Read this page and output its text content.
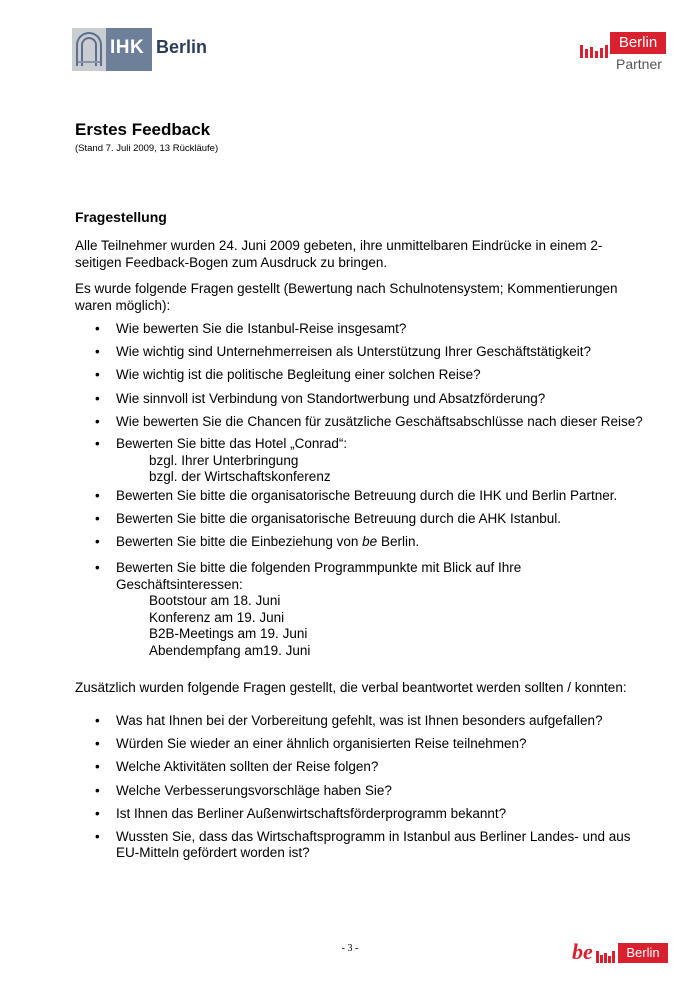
IHK Berlin	Berlin
Partner
Erstes Feedback
(Stand 7. Juli 2009, 13 Rückläufe)
Fragestellung
Alle Teilnehmer wurden 24. Juni 2009 gebeten, ihre unmittelbaren Eindrücke in einem 2-seitigen Feedback-Bogen zum Ausdruck zu bringen.
Es wurde folgende Fragen gestellt (Bewertung nach Schulnotensystem; Kommentierungen waren möglich):
• Wie bewerten Sie die Istanbul-Reise insgesamt?
• Wie wichtig sind Unternehmerreisen als Unterstützung Ihrer Geschäftstätigkeit?
• Wie wichtig ist die politische Begleitung einer solchen Reise?
• Wie sinnvoll ist Verbindung von Standortwerbung und Absatzförderung?
• Wie bewerten Sie die Chancen für zusätzliche Geschäftsabschlüsse nach dieser Reise?
• Bewerten Sie bitte das Hotel „Conrad“:
bzgl. Ihrer Unterbringung
bzgl. der Wirtschaftskonferenz
• Bewerten Sie bitte die organisatorische Betreuung durch die IHK und Berlin Partner.
• Bewerten Sie bitte die organisatorische Betreuung durch die AHK Istanbul.
• Bewerten Sie bitte die Einbeziehung von be Berlin.
• Bewerten Sie bitte die folgenden Programmpunkte mit Blick auf Ihre Geschäftsinteressen:
Bootstour am 18. Juni
Konferenz am 19. Juni
B2B-Meetings am 19. Juni
Abendempfang am19. Juni
Zusätzlich wurden folgende Fragen gestellt, die verbal beantwortet werden sollten / konnten:
• Was hat Ihnen bei der Vorbereitung gefehlt, was ist Ihnen besonders aufgefallen?
• Würden Sie wieder an einer ähnlich organisierten Reise teilnehmen?
• Welche Aktivitäten sollten der Reise folgen?
• Welche Verbesserungsvorschläge haben Sie?
• Ist Ihnen das Berliner Außenwirtschaftsförderprogramm bekannt?
• Wussten Sie, dass das Wirtschaftsprogramm in Istanbul aus Berliner Landes- und aus EU-Mitteln gefördert worden ist?
- 3 -	be	Berlin
